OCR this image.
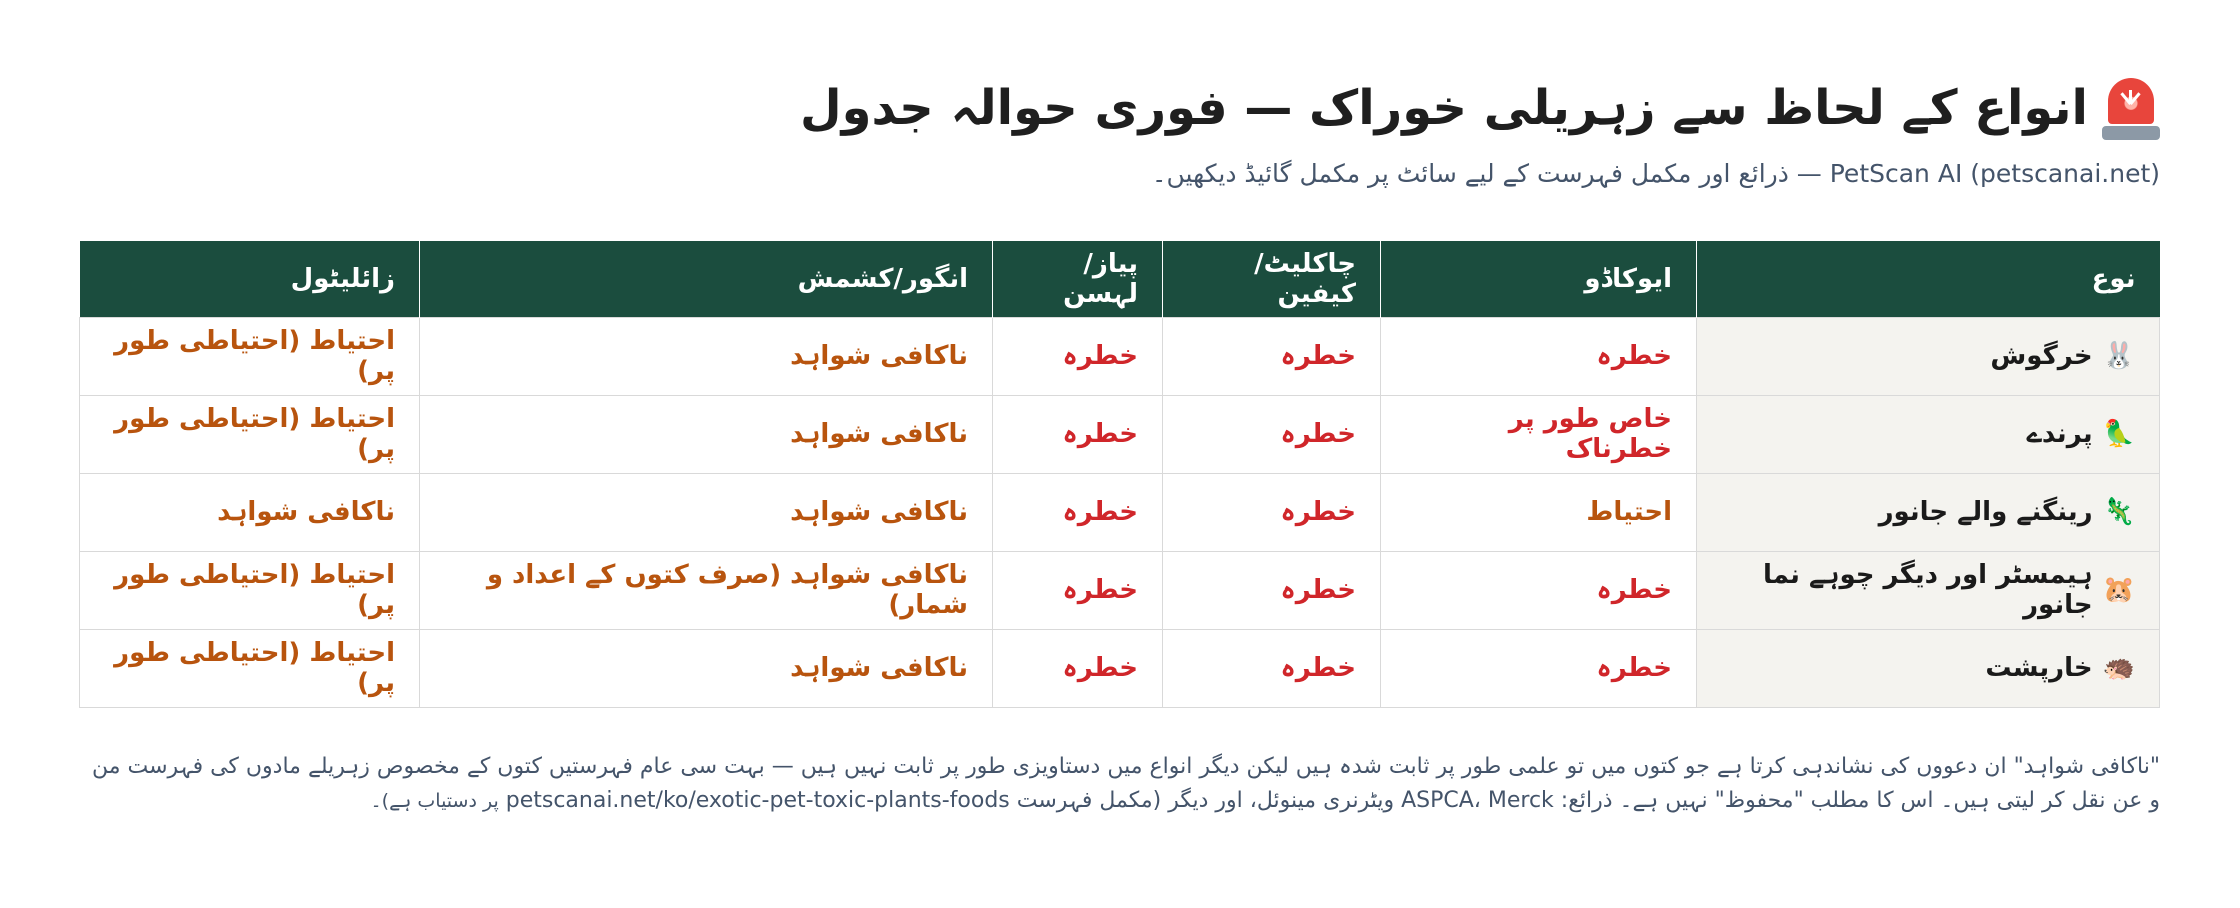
انواع کے لحاظ سے زہریلی خوراک — فوری حوالہ جدول

PetScan AI (petscanai.net) — ذرائع اور مکمل فہرست کے لیے سائٹ پر مکمل گائیڈ دیکھیں۔

نوع	ایوکاڈو	چاکلیٹ/کیفین	پیاز/لہسن	انگور/کشمش	زائلیٹول

🐰
خرگوش	خطرہ	خطرہ	خطرہ	ناکافی شواہد	احتیاط (احتیاطی طور پر)

🦜
پرندے	خاص طور پر خطرناک	خطرہ	خطرہ	ناکافی شواہد	احتیاط (احتیاطی طور پر)

🦎
رینگنے والے جانور	احتیاط	خطرہ	خطرہ	ناکافی شواہد	ناکافی شواہد

🐹
ہیمسٹر اور دیگر چوہے نما جانور	خطرہ	خطرہ	خطرہ	ناکافی شواہد (صرف کتوں کے اعداد و شمار)	احتیاط (احتیاطی طور پر)

🦔
خارپشت	خطرہ	خطرہ	خطرہ	ناکافی شواہد	احتیاط (احتیاطی طور پر)
"ناکافی شواہد" ان دعووں کی نشاندہی کرتا ہے جو کتوں میں تو علمی طور پر ثابت شدہ ہیں لیکن دیگر انواع میں دستاویزی طور پر ثابت نہیں ہیں — بہت سی عام فہرستیں کتوں کے مخصوص زہریلے مادوں کی فہرست من و عن نقل کر لیتی ہیں۔ اس کا مطلب "محفوظ" نہیں ہے۔ ذرائع: ASPCA، Merck ویٹرنری مینوئل، اور دیگر (مکمل فہرست petscanai.net/ko/exotic-pet-toxic-plants-foods پر دستیاب ہے)۔
